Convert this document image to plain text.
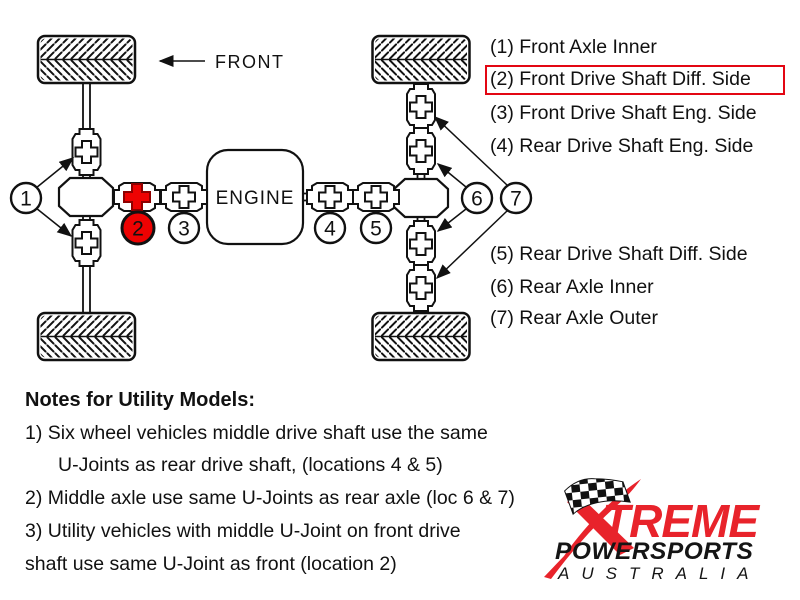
ENGINE
FRONT
1
2 3	4 5
6 7
(1) Front Axle Inner
(2) Front Drive Shaft Diff. Side
(3) Front Drive Shaft Eng. Side
(4) Rear Drive Shaft Eng. Side
(5) Rear Drive Shaft Diff. Side
(6) Rear Axle Inner
(7) Rear Axle Outer
Notes for Utility Models:
1) Six wheel vehicles middle drive shaft use the same
U-Joints as rear drive shaft, (locations 4 & 5)
2) Middle axle use same U-Joints as rear axle (loc 6 & 7)
3) Utility vehicles with middle U-Joint on front drive
shaft use same U-Joint as front (location 2)
TREME
POWERSPORTS
AUSTRALIA
